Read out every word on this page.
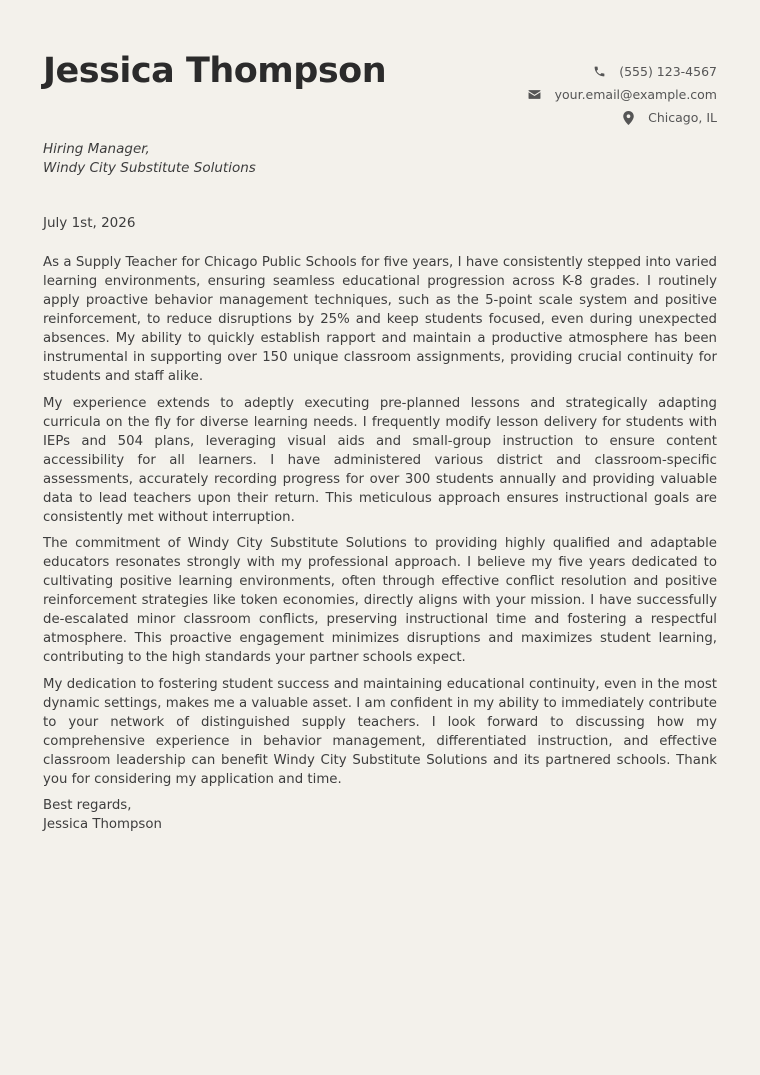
Jessica Thompson	(555) 123-4567
your.email@example.com
Chicago, IL
Hiring Manager,
Windy City Substitute Solutions
July 1st, 2026

As a Supply Teacher for Chicago Public Schools for five years, I have consistently stepped into varied learning environments, ensuring seamless educational progression across K-8 grades. I routinely apply proactive behavior management techniques, such as the 5-point scale system and positive reinforcement, to reduce disruptions by 25% and keep students focused, even during unexpected absences. My ability to quickly establish rapport and maintain a productive atmosphere has been instrumental in supporting over 150 unique classroom assignments, providing crucial continuity for students and staff alike.

My experience extends to adeptly executing pre-planned lessons and strategically adapting curricula on the fly for diverse learning needs. I frequently modify lesson delivery for students with IEPs and 504 plans, leveraging visual aids and small-group instruction to ensure content accessibility for all learners. I have administered various district and classroom-specific assessments, accurately recording progress for over 300 students annually and providing valuable data to lead teachers upon their return. This meticulous approach ensures instructional goals are consistently met without interruption.

The commitment of Windy City Substitute Solutions to providing highly qualified and adaptable educators resonates strongly with my professional approach. I believe my five years dedicated to cultivating positive learning environments, often through effective conflict resolution and positive reinforcement strategies like token economies, directly aligns with your mission. I have successfully de-escalated minor classroom conflicts, preserving instructional time and fostering a respectful atmosphere. This proactive engagement minimizes disruptions and maximizes student learning, contributing to the high standards your partner schools expect.

My dedication to fostering student success and maintaining educational continuity, even in the most dynamic settings, makes me a valuable asset. I am confident in my ability to immediately contribute to your network of distinguished supply teachers. I look forward to discussing how my comprehensive experience in behavior management, differentiated instruction, and effective classroom leadership can benefit Windy City Substitute Solutions and its partnered schools. Thank you for considering my application and time.

Best regards,
Jessica Thompson
